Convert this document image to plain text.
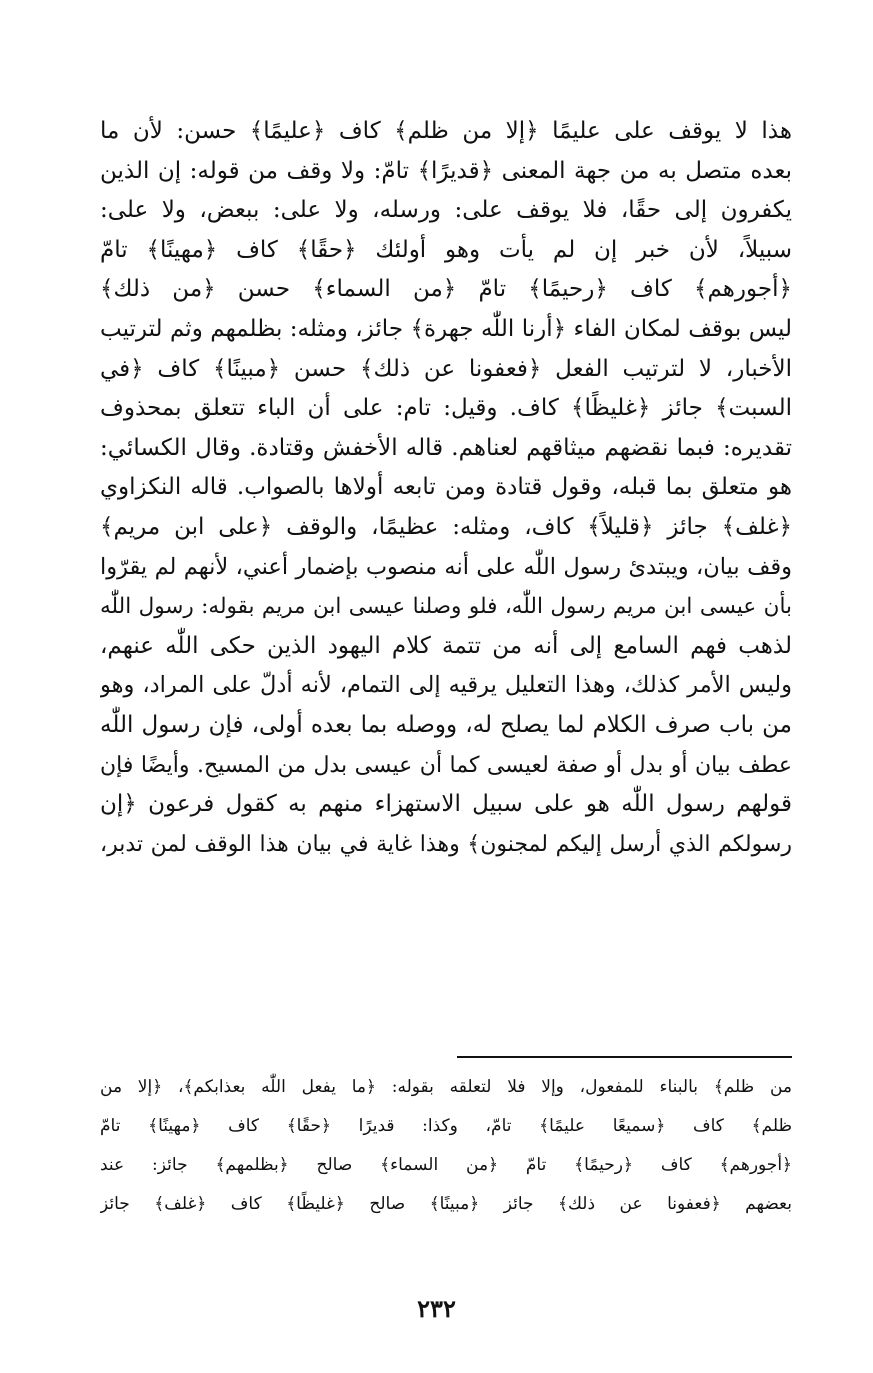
هذا لا يوقف على عليمًا ﴿إلا من ظلم﴾ كاف ﴿عليمًا﴾ حسن: لأن ما
بعده متصل به من جهة المعنى ﴿قديرًا﴾ تامّ: ولا وقف من قوله: إن الذين
يكفرون إلى حقًا، فلا يوقف على: ورسله، ولا على: ببعض، ولا على:
سبيلاً، لأن خبر إن لم يأت وهو أولئك ﴿حقًا﴾ كاف ﴿مهينًا﴾ تامّ
﴿أجورهم﴾ كاف ﴿رحيمًا﴾ تامّ ﴿من السماء﴾ حسن ﴿من ذلك﴾
ليس بوقف لمكان الفاء ﴿أرنا اللّٰه جهرة﴾ جائز، ومثله: بظلمهم وثم لترتيب
الأخبار، لا لترتيب الفعل ﴿فعفونا عن ذلك﴾ حسن ﴿مبينًا﴾ كاف ﴿في
السبت﴾ جائز ﴿غليظًا﴾ كاف. وقيل: تام: على أن الباء تتعلق بمحذوف
تقديره: فبما نقضهم ميثاقهم لعناهم. قاله الأخفش وقتادة. وقال الكسائي:
هو متعلق بما قبله، وقول قتادة ومن تابعه أولاها بالصواب. قاله النكزاوي
﴿غلف﴾ جائز ﴿قليلاً﴾ كاف، ومثله: عظيمًا، والوقف ﴿على ابن مريم﴾
وقف بيان، ويبتدئ رسول اللّٰه على أنه منصوب بإضمار أعني، لأنهم لم يقرّوا
بأن عيسى ابن مريم رسول اللّٰه، فلو وصلنا عيسى ابن مريم بقوله: رسول اللّٰه
لذهب فهم السامع إلى أنه من تتمة كلام اليهود الذين حكى اللّٰه عنهم،
وليس الأمر كذلك، وهذا التعليل يرقيه إلى التمام، لأنه أدلّ على المراد، وهو
من باب صرف الكلام لما يصلح له، ووصله بما بعده أولى، فإن رسول اللّٰه
عطف بيان أو بدل أو صفة لعيسى كما أن عيسى بدل من المسيح. وأيضًا فإن
قولهم رسول اللّٰه هو على سبيل الاستهزاء منهم به كقول فرعون ﴿إن
رسولكم الذي أرسل إليكم لمجنون﴾ وهذا غاية في بيان هذا الوقف لمن تدبر،
من ظلم﴾ بالبناء للمفعول، وإلا فلا لتعلقه بقوله: ﴿ما يفعل اللّٰه بعذابكم﴾، ﴿إلا من
ظلم﴾ كاف ﴿سميعًا عليمًا﴾ تامّ، وكذا: قديرًا ﴿حقًا﴾ كاف ﴿مهينًا﴾ تامّ
﴿أجورهم﴾ كاف ﴿رحيمًا﴾ تامّ ﴿من السماء﴾ صالح ﴿بظلمهم﴾ جائز: عند
بعضهم ﴿فعفونا عن ذلك﴾ جائز ﴿مبينًا﴾ صالح ﴿غليظًا﴾ كاف ﴿غلف﴾ جائز
٢٣٢
